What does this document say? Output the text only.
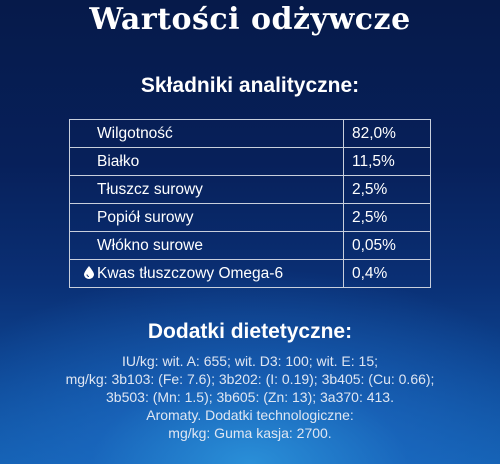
Wartości odżywcze
Składniki analityczne:
Wilgotność	82,0%
Białko	11,5%
Tłuszcz surowy	2,5%
Popiół surowy	2,5%
Włókno surowe	0,05%
Kwas tłuszczowy Omega-6	0,4%
Dodatki dietetyczne:
IU/kg: wit. A: 655; wit. D3: 100; wit. E: 15;
mg/kg: 3b103: (Fe: 7.6); 3b202: (I: 0.19); 3b405: (Cu: 0.66);
3b503: (Mn: 1.5); 3b605: (Zn: 13); 3a370: 413.
Aromaty. Dodatki technologiczne:
mg/kg: Guma kasja: 2700.
